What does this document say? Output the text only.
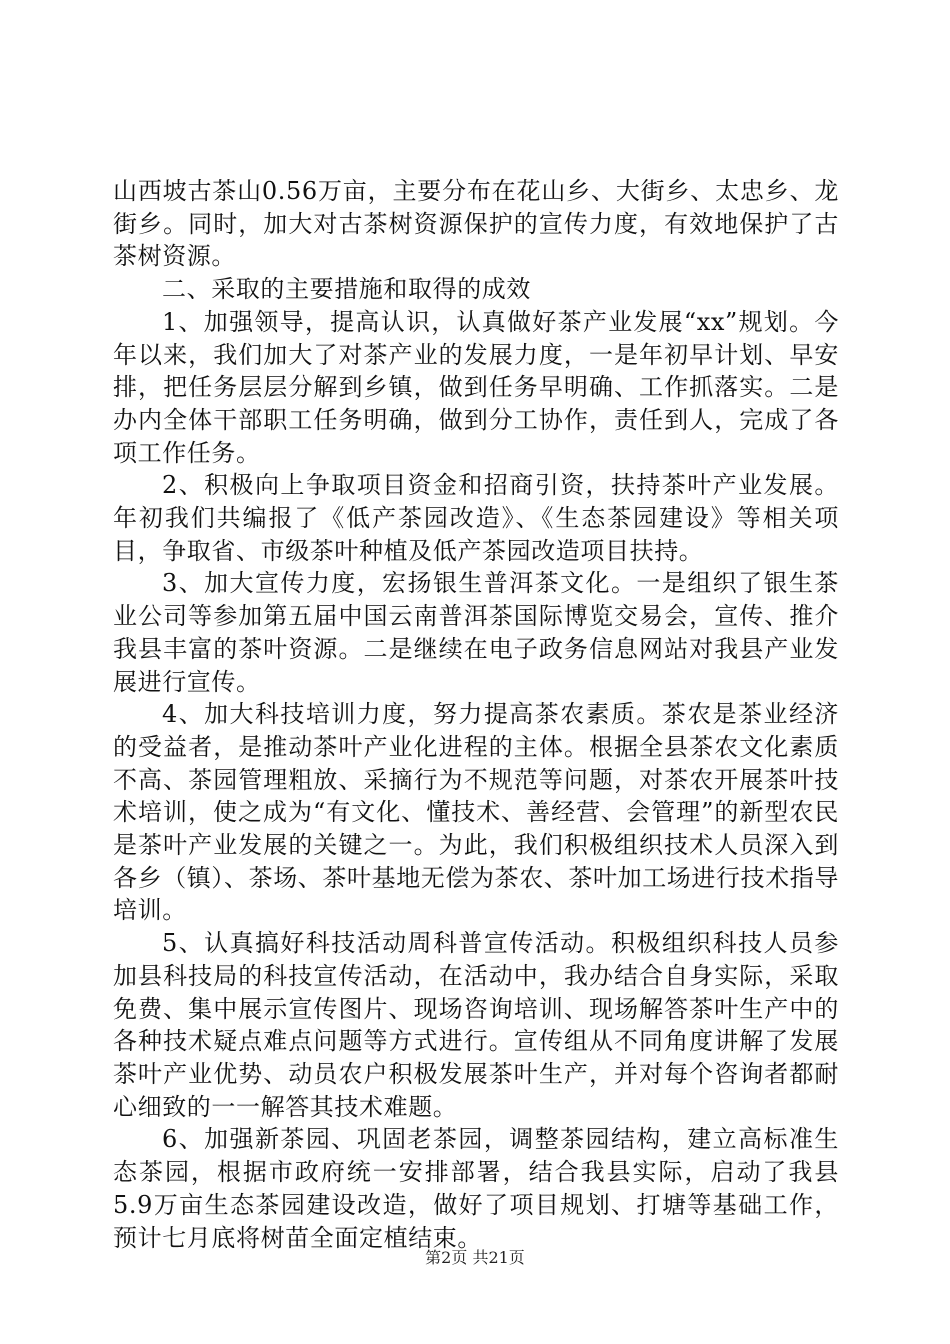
山西坡古茶山0.56万亩，主要分布在花山乡、大街乡、太忠乡、龙街乡。同时，加大对古茶树资源保护的宣传力度，有效地保护了古茶树资源。

二、采取的主要措施和取得的成效

1、加强领导，提高认识，认真做好茶产业发展“xx”规划。今年以来，我们加大了对茶产业的发展力度，一是年初早计划、早安排，把任务层层分解到乡镇，做到任务早明确、工作抓落实。二是办内全体干部职工任务明确，做到分工协作，责任到人，完成了各项工作任务。

2、积极向上争取项目资金和招商引资，扶持茶叶产业发展。年初我们共编报了《低产茶园改造》、《生态茶园建设》等相关项目，争取省、市级茶叶种植及低产茶园改造项目扶持。

3、加大宣传力度，宏扬银生普洱茶文化。一是组织了银生茶业公司等参加第五届中国云南普洱茶国际博览交易会，宣传、推介我县丰富的茶叶资源。二是继续在电子政务信息网站对我县产业发展进行宣传。

4、加大科技培训力度，努力提高茶农素质。茶农是茶业经济的受益者，是推动茶叶产业化进程的主体。根据全县茶农文化素质不高、茶园管理粗放、采摘行为不规范等问题，对茶农开展茶叶技术培训，使之成为“有文化、懂技术、善经营、会管理”的新型农民是茶叶产业发展的关键之一。为此，我们积极组织技术人员深入到各乡（镇）、茶场、茶叶基地无偿为茶农、茶叶加工场进行技术指导培训。

5、认真搞好科技活动周科普宣传活动。积极组织科技人员参加县科技局的科技宣传活动，在活动中，我办结合自身实际，采取免费、集中展示宣传图片、现场咨询培训、现场解答茶叶生产中的各种技术疑点难点问题等方式进行。宣传组从不同角度讲解了发展茶叶产业优势、动员农户积极发展茶叶生产，并对每个咨询者都耐心细致的一一解答其技术难题。

6、加强新茶园、巩固老茶园，调整茶园结构，建立高标准生态茶园，根据市政府统一安排部署，结合我县实际，启动了我县5.9万亩生态茶园建设改造，做好了项目规划、打塘等基础工作，预计七月底将树苗全面定植结束。

第2页 共21页
